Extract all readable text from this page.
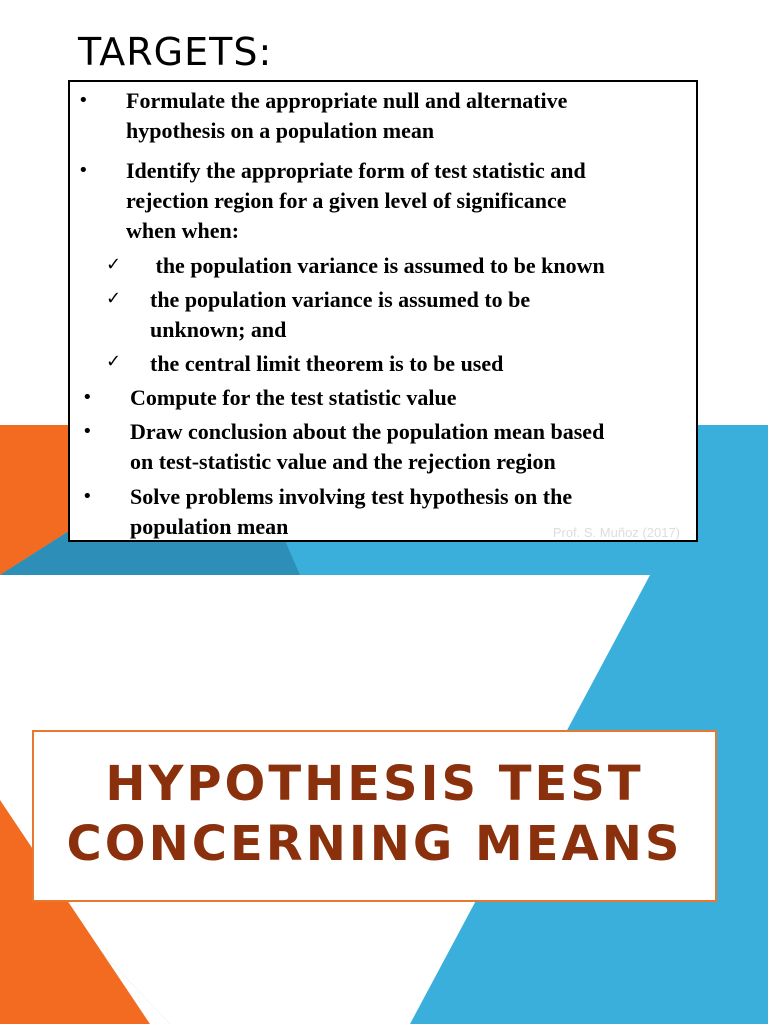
TARGETS:
• Formulate the appropriate null and alternative
hypothesis on a population mean
• Identify the appropriate form of test statistic and
rejection region for a given level of significance
when when:
✓ the population variance is assumed to be known
✓ the population variance is assumed to be
unknown; and
✓ the central limit theorem is to be used
• Compute for the test statistic value
• Draw conclusion about the population mean based
on test-statistic value and the rejection region
• Solve problems involving test hypothesis on the
population mean	Prof. S. Muñoz (2017)
HYPOTHESIS TEST
CONCERNING MEANS
